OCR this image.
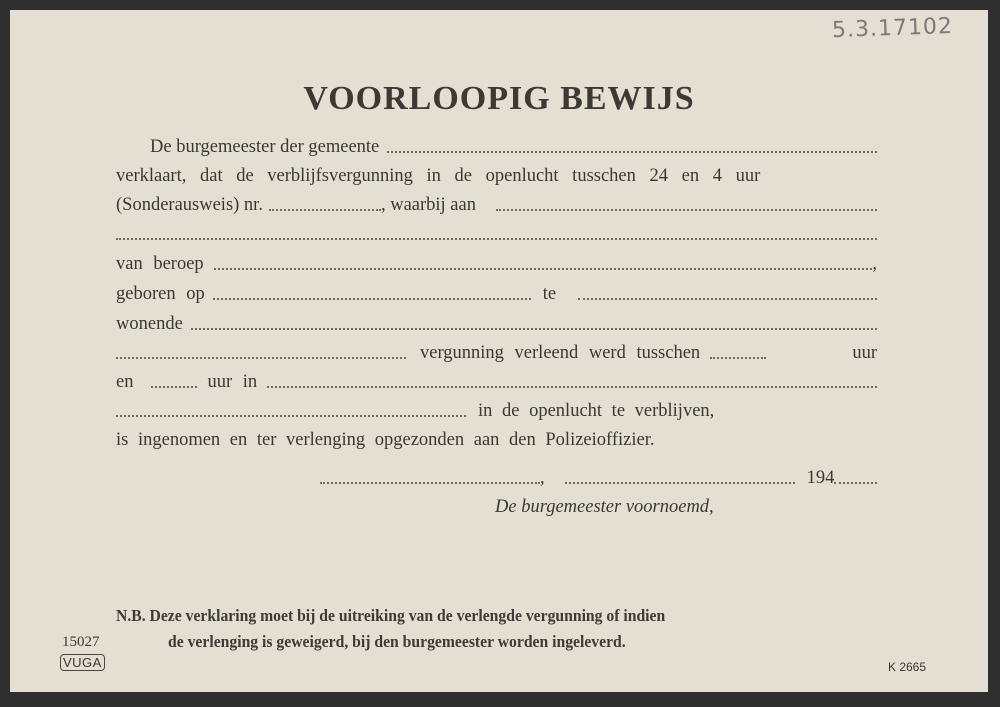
5.3.17102
VOORLOOPIG BEWIJS
De burgemeester der gemeente
verklaart, dat de verblijfsvergunning in de openlucht tusschen 24 en 4 uur
(Sonderausweis) nr.	, waarbij aan
van beroep	,
geboren op	te
wonende
vergunning verleend werd tusschen	uur
en	uur in
in de openlucht te verblijven,
is ingenomen en ter verlenging opgezonden aan den Polizeioffizier.
,	194
De burgemeester voornoemd,
N.B. Deze verklaring moet bij de uitreiking van de verlengde vergunning of indien
de verlenging is geweigerd, bij den burgemeester worden ingeleverd.
15027
VUGA	K 2665
